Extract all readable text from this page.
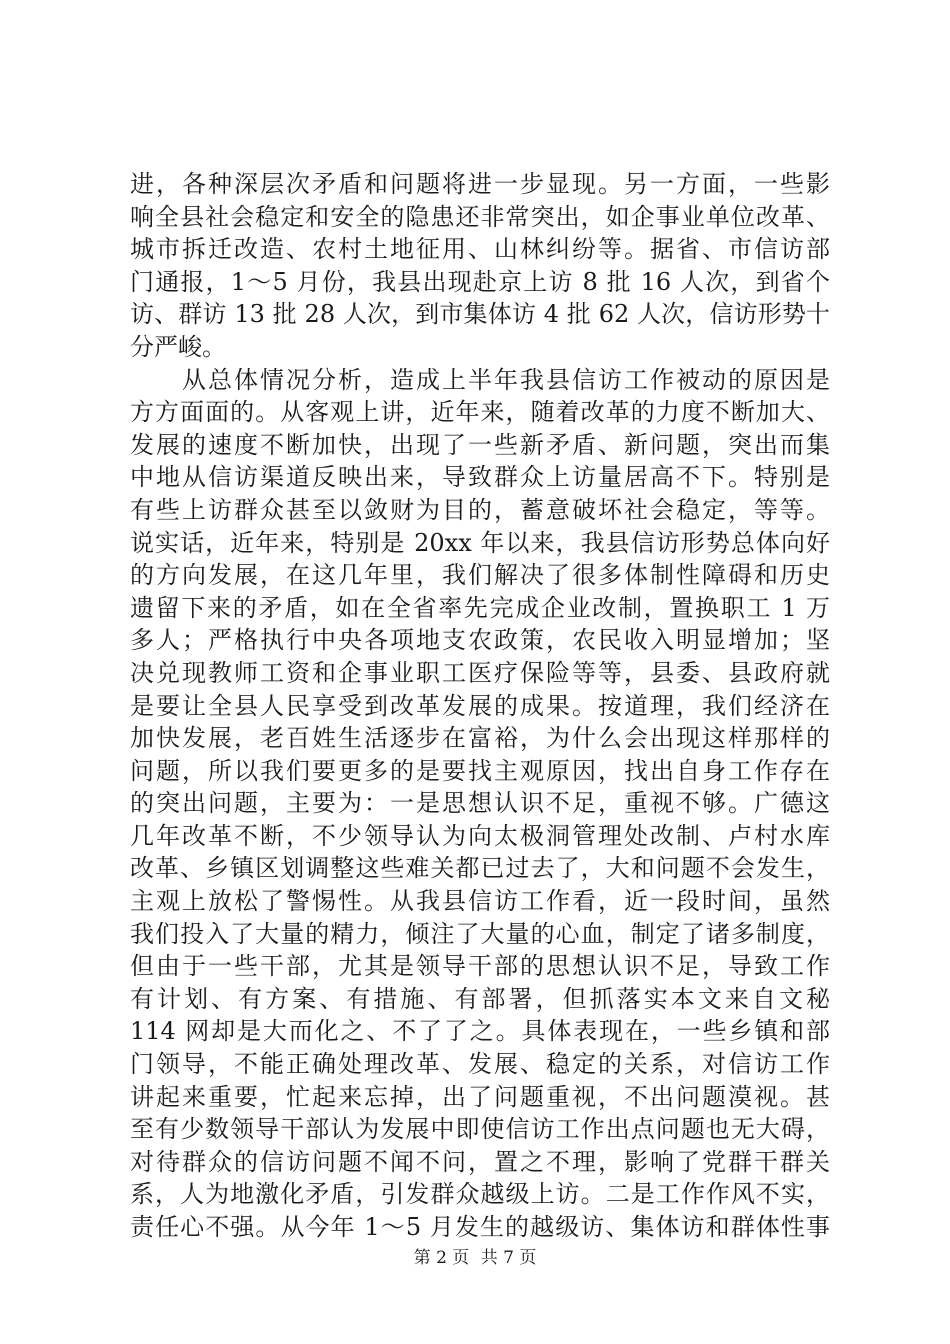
进，各种深层次矛盾和问题将进一步显现。另一方面，一些影
响全县社会稳定和安全的隐患还非常突出，如企事业单位改革、
城市拆迁改造、农村土地征用、山林纠纷等。据省、市信访部
门通报，1～5 月份，我县出现赴京上访 8 批 16 人次，到省个
访、群访 13 批 28 人次，到市集体访 4 批 62 人次，信访形势十
分严峻。
从总体情况分析，造成上半年我县信访工作被动的原因是
方方面面的。从客观上讲，近年来，随着改革的力度不断加大、
发展的速度不断加快，出现了一些新矛盾、新问题，突出而集
中地从信访渠道反映出来，导致群众上访量居高不下。特别是
有些上访群众甚至以敛财为目的，蓄意破坏社会稳定，等等。
说实话，近年来，特别是 20xx 年以来，我县信访形势总体向好
的方向发展，在这几年里，我们解决了很多体制性障碍和历史
遗留下来的矛盾，如在全省率先完成企业改制，置换职工 1 万
多人；严格执行中央各项地支农政策，农民收入明显增加；坚
决兑现教师工资和企事业职工医疗保险等等，县委、县政府就
是要让全县人民享受到改革发展的成果。按道理，我们经济在
加快发展，老百姓生活逐步在富裕，为什么会出现这样那样的
问题，所以我们要更多的是要找主观原因，找出自身工作存在
的突出问题，主要为：一是思想认识不足，重视不够。广德这
几年改革不断，不少领导认为向太极洞管理处改制、卢村水库
改革、乡镇区划调整这些难关都已过去了，大和问题不会发生，
主观上放松了警惕性。从我县信访工作看，近一段时间，虽然
我们投入了大量的精力，倾注了大量的心血，制定了诸多制度，
但由于一些干部，尤其是领导干部的思想认识不足，导致工作
有计划、有方案、有措施、有部署，但抓落实本文来自文秘
114 网却是大而化之、不了了之。具体表现在，一些乡镇和部
门领导，不能正确处理改革、发展、稳定的关系，对信访工作
讲起来重要，忙起来忘掉，出了问题重视，不出问题漠视。甚
至有少数领导干部认为发展中即使信访工作出点问题也无大碍，
对待群众的信访问题不闻不问，置之不理，影响了党群干群关
系，人为地激化矛盾，引发群众越级上访。二是工作作风不实，
责任心不强。从今年 1～5 月发生的越级访、集体访和群体性事
第 2 页 共 7 页
